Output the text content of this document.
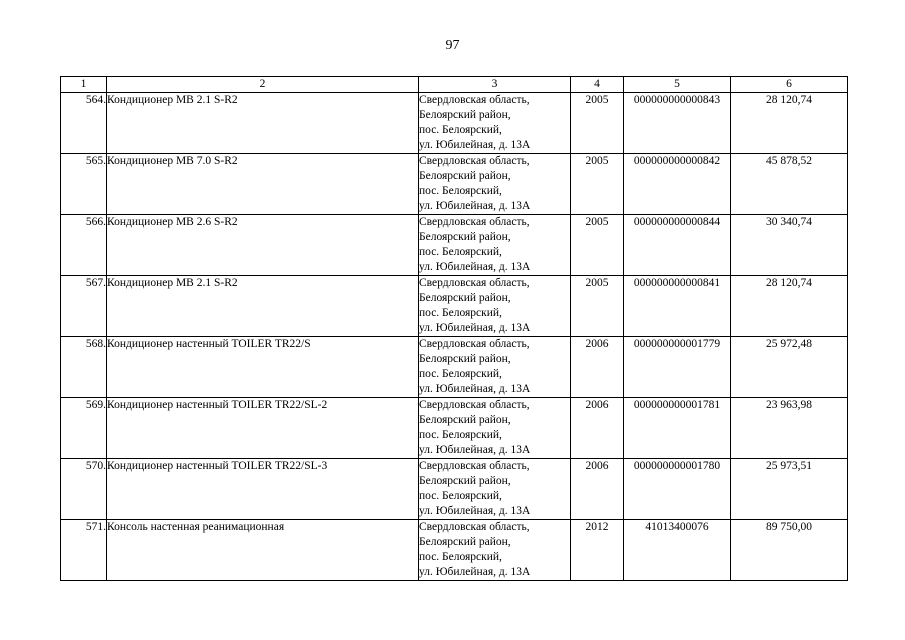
97
1	2	3	4	5	6
564.	Кондиционер МВ 2.1 S-R2	Свердловская область,
Белоярский район,
пос. Белоярский,
ул. Юбилейная, д. 13А	2005	000000000000843	28 120,74
565.	Кондиционер МВ 7.0 S-R2	Свердловская область,
Белоярский район,
пос. Белоярский,
ул. Юбилейная, д. 13А	2005	000000000000842	45 878,52
566.	Кондиционер МВ 2.6 S-R2	Свердловская область,
Белоярский район,
пос. Белоярский,
ул. Юбилейная, д. 13А	2005	000000000000844	30 340,74
567.	Кондиционер МВ 2.1 S-R2	Свердловская область,
Белоярский район,
пос. Белоярский,
ул. Юбилейная, д. 13А	2005	000000000000841	28 120,74
568.	Кондиционер настенный TOILER TR22/S	Свердловская область,
Белоярский район,
пос. Белоярский,
ул. Юбилейная, д. 13А	2006	000000000001779	25 972,48
569.	Кондиционер настенный TOILER TR22/SL-2	Свердловская область,
Белоярский район,
пос. Белоярский,
ул. Юбилейная, д. 13А	2006	000000000001781	23 963,98
570.	Кондиционер настенный TOILER TR22/SL-3	Свердловская область,
Белоярский район,
пос. Белоярский,
ул. Юбилейная, д. 13А	2006	000000000001780	25 973,51
571.	Консоль настенная реанимационная	Свердловская область,
Белоярский район,
пос. Белоярский,
ул. Юбилейная, д. 13А	2012	41013400076	89 750,00
